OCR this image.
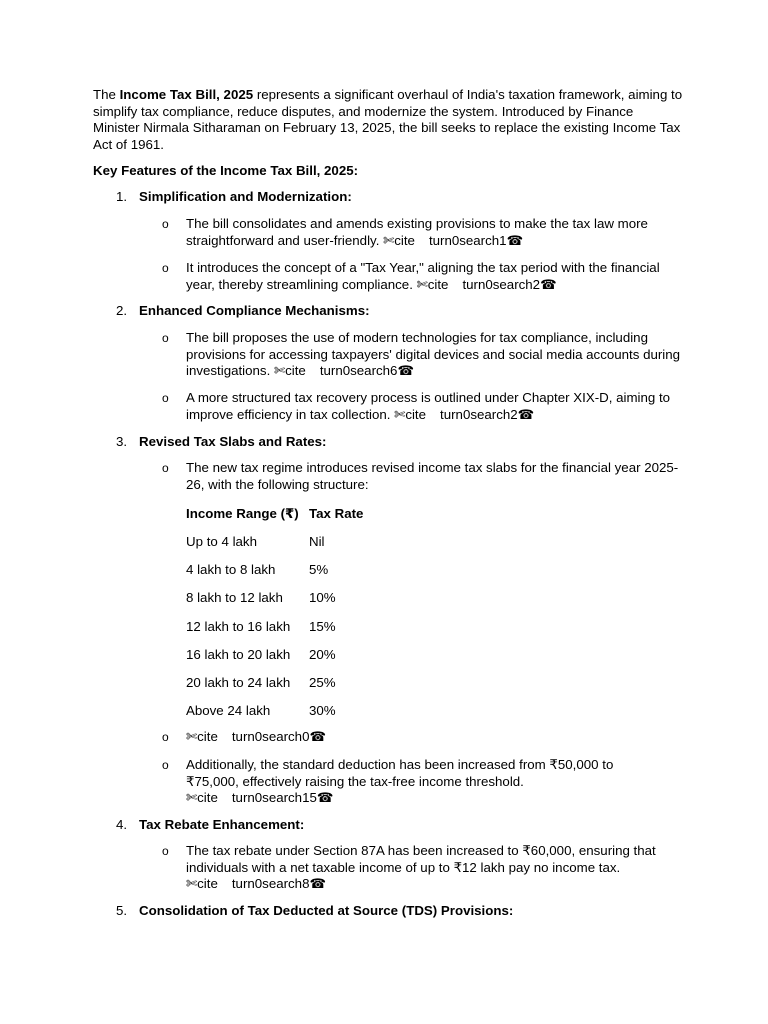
The Income Tax Bill, 2025 represents a significant overhaul of India's taxation framework, aiming to simplify tax compliance, reduce disputes, and modernize the system. Introduced by Finance Minister Nirmala Sitharaman on February 13, 2025, the bill seeks to replace the existing Income Tax Act of 1961.

Key Features of the Income Tax Bill, 2025:

1. Simplification and Modernization:
o The bill consolidates and amends existing provisions to make the tax law more straightforward and user-friendly. ✄cite turn0search1☎
o It introduces the concept of a "Tax Year," aligning the tax period with the financial year, thereby streamlining compliance. ✄cite turn0search2☎
2. Enhanced Compliance Mechanisms:
o The bill proposes the use of modern technologies for tax compliance, including provisions for accessing taxpayers' digital devices and social media accounts during investigations. ✄cite turn0search6☎
o A more structured tax recovery process is outlined under Chapter XIX-D, aiming to improve efficiency in tax collection. ✄cite turn0search2☎
3. Revised Tax Slabs and Rates:
o The new tax regime introduces revised income tax slabs for the financial year 2025-26, with the following structure:
Income Range (₹)	Tax Rate
Up to 4 lakh	Nil
4 lakh to 8 lakh	5%
8 lakh to 12 lakh	10%
12 lakh to 16 lakh	15%
16 lakh to 20 lakh	20%
20 lakh to 24 lakh	25%
Above 24 lakh	30%
o ✄cite turn0search0☎
o Additionally, the standard deduction has been increased from ₹50,000 to ₹75,000, effectively raising the tax-free income threshold.
✄cite turn0search15☎
4. Tax Rebate Enhancement:
o The tax rebate under Section 87A has been increased to ₹60,000, ensuring that individuals with a net taxable income of up to ₹12 lakh pay no income tax.
✄cite turn0search8☎
5. Consolidation of Tax Deducted at Source (TDS) Provisions:
